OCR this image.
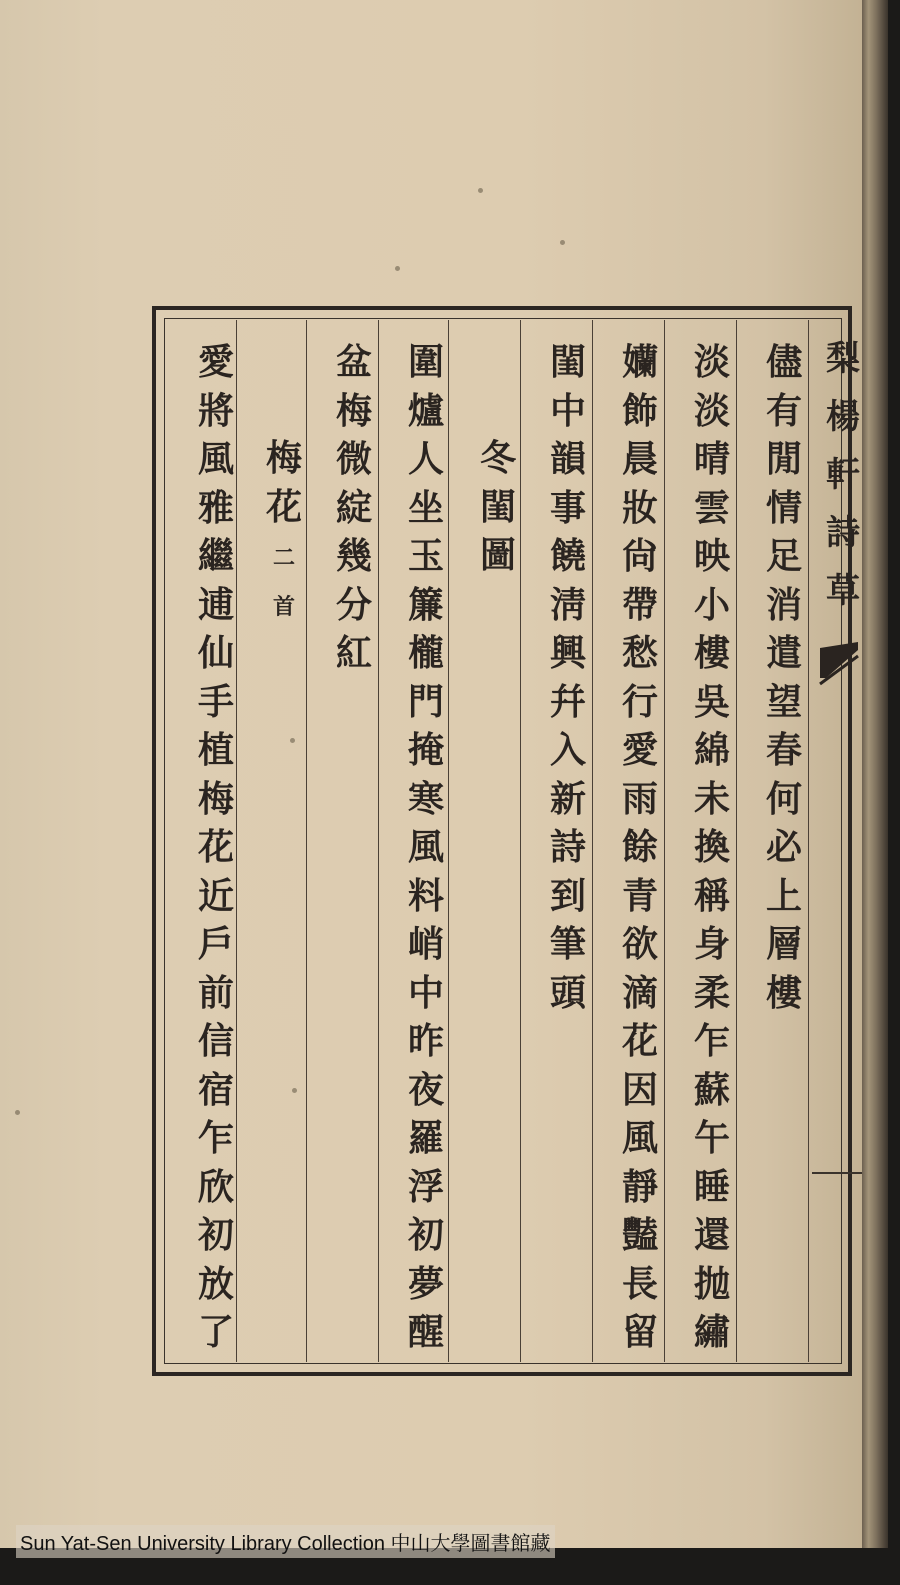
梨
楊
軒
詩
草
儘
有
閒
情
足
消
遣
望
春
何
必
上
層
樓
淡
淡
晴
雲
映
小
樓
吳
綿
未
換
稱
身
柔
乍
蘇
午
睡
還
抛
繡
孏
飾
晨
妝
尙
帶
愁
行
愛
雨
餘
青
欲
滴
花
因
風
靜
豔
長
留
閨
中
韻
事
饒
淸
興
幷
入
新
詩
到
筆
頭
冬
閨
圖
圍
爐
人
坐
玉
簾
櫳
門
掩
寒
風
料
峭
中
昨
夜
羅
浮
初
夢
醒
盆
梅
微
綻
幾
分
紅
梅
花
二
首
愛
將
風
雅
繼
逋
仙
手
植
梅
花
近
戶
前
信
宿
乍
欣
初
放
了
Sun Yat-Sen University Library Collection 中山大學圖書館藏
